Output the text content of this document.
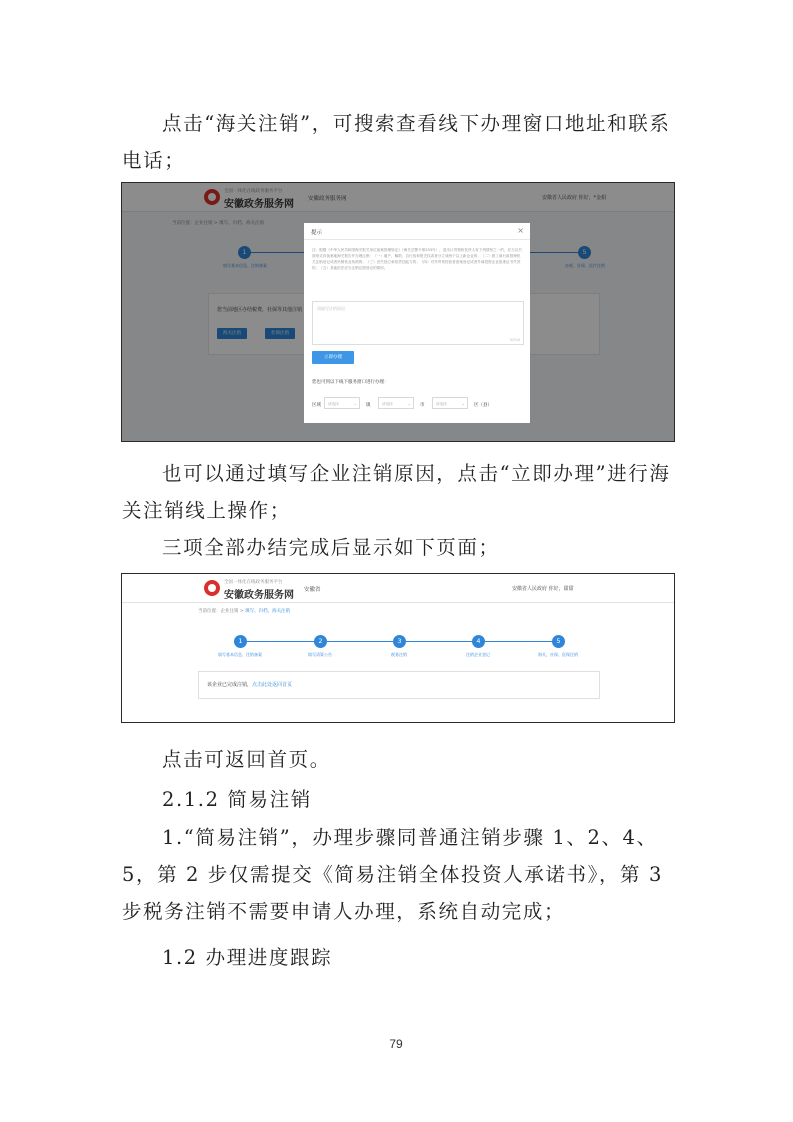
点击“海关注销”，可搜索查看线下办理窗口地址和联系电话；

全国一体化在线政务服务平台
安徽政务服务网	安徽政务服务网	安徽省人民政府 你好，*金娟
当前位置：企业注销 > 填写、归档、海关注销
1	5
填写基本信息、注销备案	办税、社保、医疗注销
您当前地区办结税费，社保等其他注销
海关注销	社保注销
提示	×
注：根据《中华人民共和国海关报关单位备案管理规定》（海关总署令第253号），进出口货物收发货人有下列情形之一的，应当以书面形式向备案地海关报告并办理注销：（一）破产、解散、自行放弃报关权或者分立成两个以上新企业的；（二）被工商行政管理机关注销登记或者吊销营业执照的；（三）丧失独立承担责任能力的；（四）对外贸易经营者备案登记或者外商投资企业批准证书失效的；（五）其他依法应当注销注册登记的情形。
请填写注销原因
0/500
立即办理
您也可到以下线下服务窗口进行办理：
区域	请选择	⌄ 镇	请选择	⌄ 市	请选择	⌄ 区（县）

也可以通过填写企业注销原因，点击“立即办理”进行海关注销线上操作；

三项全部办结完成后显示如下页面；

全国一体化在线政务服务平台
安徽政务服务网 安徽省	安徽省人民政府 你好，甜甜
当前位置：企业注销 > 填写、归档、海关注销
1	2	3	4	5
填写基本信息、注销备案	填写清算公告	税务注销	注销企业登记	海关、社保、医保注销
该企业已完成注销，点击此处返回首页

点击可返回首页。

2.1.2 简易注销

1.“简易注销”，办理步骤同普通注销步骤 1、2、4、5，第 2 步仅需提交《简易注销全体投资人承诺书》，第 3 步税务注销不需要申请人办理，系统自动完成；

1.2 办理进度跟踪

79
